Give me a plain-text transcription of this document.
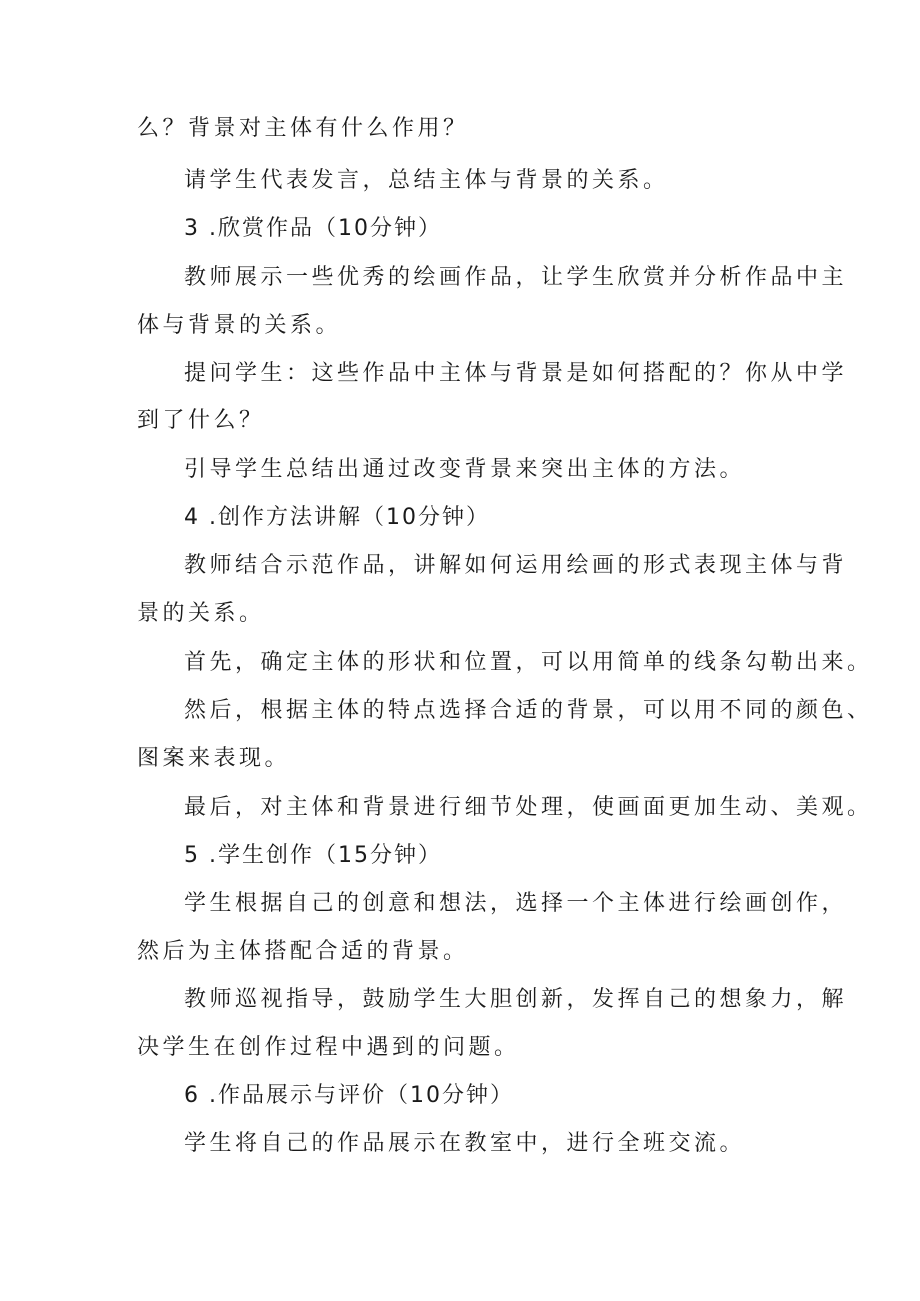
么？背景对主体有什么作用？

请学生代表发言，总结主体与背景的关系。

3 .欣赏作品（10分钟）

教师展示一些优秀的绘画作品，让学生欣赏并分析作品中主

体与背景的关系。

提问学生：这些作品中主体与背景是如何搭配的？你从中学

到了什么？

引导学生总结出通过改变背景来突出主体的方法。

4 .创作方法讲解（10分钟）

教师结合示范作品，讲解如何运用绘画的形式表现主体与背

景的关系。

首先，确定主体的形状和位置，可以用简单的线条勾勒出来。

然后，根据主体的特点选择合适的背景，可以用不同的颜色、

图案来表现。

最后，对主体和背景进行细节处理，使画面更加生动、美观。

5 .学生创作（15分钟）

学生根据自己的创意和想法，选择一个主体进行绘画创作，

然后为主体搭配合适的背景。

教师巡视指导，鼓励学生大胆创新，发挥自己的想象力，解

决学生在创作过程中遇到的问题。

6 .作品展示与评价（10分钟）

学生将自己的作品展示在教室中，进行全班交流。
